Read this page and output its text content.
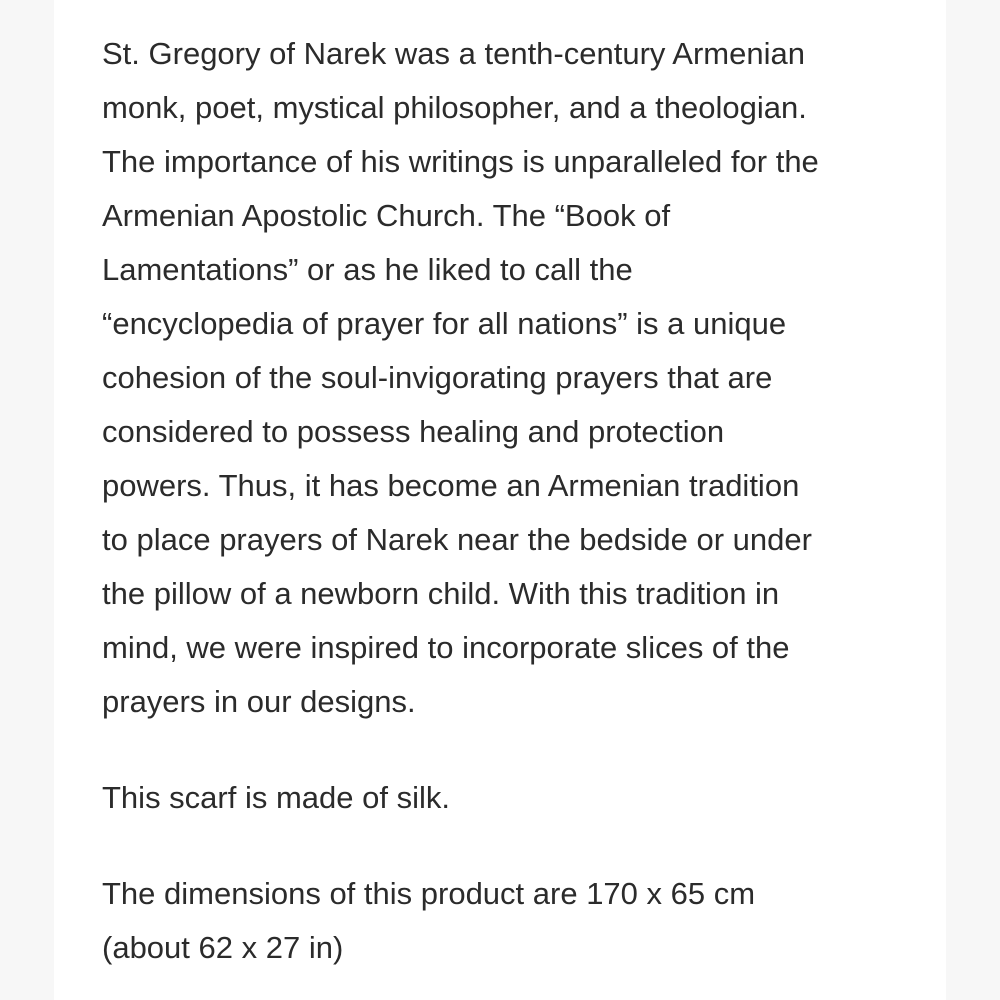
St. Gregory of Narek was a tenth-century Armenian
monk, poet, mystical philosopher, and a theologian.
The importance of his writings is unparalleled for the
Armenian Apostolic Church. The “Book of
Lamentations” or as he liked to call the
“encyclopedia of prayer for all nations” is a unique
cohesion of the soul-invigorating prayers that are
considered to possess healing and protection
powers. Thus, it has become an Armenian tradition
to place prayers of Narek near the bedside or under
the pillow of a newborn child. With this tradition in
mind, we were inspired to incorporate slices of the
prayers in our designs.

This scarf is made of silk.

The dimensions of this product are 170 x 65 cm
(about 62 x 27 in)
